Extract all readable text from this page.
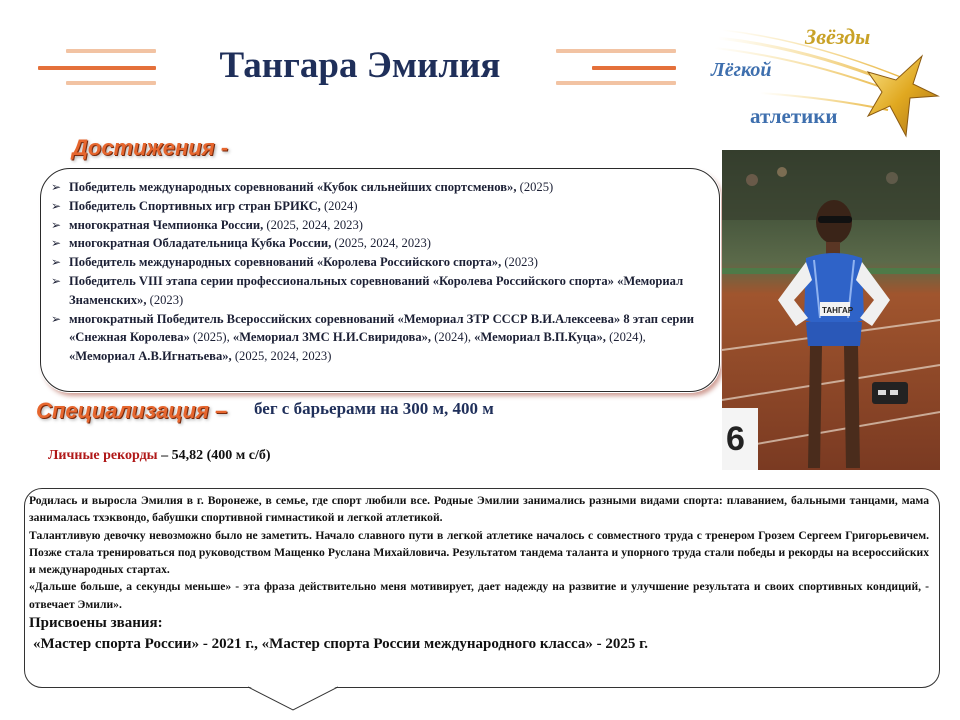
Тангара Эмилия
Звёзды
Лёгкой
атлетики
Достижения -
➢ Победитель международных соревнований «Кубок сильнейших спортсменов», (2025)
➢ Победитель Спортивных игр стран БРИКС, (2024)
➢ многократная Чемпионка России, (2025, 2024, 2023)
➢ многократная Обладательница Кубка России, (2025, 2024, 2023)
➢ Победитель международных соревнований «Королева Российского спорта», (2023)
➢ Победитель VIII этапа серии профессиональных соревнований «Королева Российского спорта» «Мемориал Знаменских», (2023)
➢ многократный Победитель Всероссийских соревнований «Мемориал ЗТР СССР В.И.Алексеева» 8 этап серии «Снежная Королева» (2025), «Мемориал ЗМС Н.И.Свиридова», (2024), «Мемориал В.П.Куца», (2024), «Мемориал А.В.Игнатьева», (2025, 2024, 2023)
Специализация – бег с барьерами на 300 м, 400 м
Личные рекорды – 54,82 (400 м с/б)	6
ТАНГАР

Родилась и выросла Эмилия в г. Воронеже, в семье, где спорт любили все. Родные Эмилии занимались разными видами спорта: плаванием, бальными танцами, мама занималась тхэквондо, бабушки спортивной гимнастикой и легкой атлетикой.

Талантливую девочку невозможно было не заметить. Начало славного пути в легкой атлетике началось с совместного труда с тренером Грозем Сергеем Григорьевичем. Позже стала тренироваться под руководством Мащенко Руслана Михайловича. Результатом тандема таланта и упорного труда стали победы и рекорды на всероссийских и международных стартах.

«Дальше больше, а секунды меньше» - эта фраза действительно меня мотивирует, дает надежду на развитие и улучшение результата и своих спортивных кондиций, - отвечает Эмили».

Присвоены звания:

«Мастер спорта России» - 2021 г., «Мастер спорта России международного класса» - 2025 г.
